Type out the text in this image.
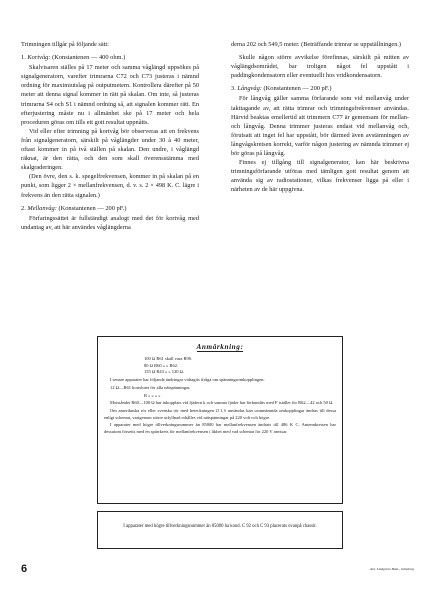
Trimningen tillgår på följande sätt:

1. Kortvåg: (Konstantenen — 400 ohm.)

Skalvisaren ställes på 17 meter och samma våglängd uppsökes på signalgeneratorn, varefter trimrarna C72 och C73 justeras i nämnd ordning för maximiutslag på outputmetern. Kontrollera därefter på 50 meter att denna signal kommer in rätt på skalan. Om inte, så justeras trimrarna S4 och S1 i nämnd ordning så, att signalen kommer rätt. En efterjustering måste nu i allmänhet ske på 17 meter och hela proceduren göras om tills ett gott resultat uppnåtts.

Vid eller efter trimning på kortvåg bör observeras att en frekvens från signalgeneratorn, särskilt på våglängder under 30 à 40 meter, oftast kommer in på två ställen på skalan. Den undre, i våglängd räknat, är den rätta, och den som skall överensstämma med skalgraderingen.

(Den övre, den s. k. spegelfrekvensen, kommer in på skalan på en punkt, som ligger 2 × mellanfrekvensen, d. v. s. 2 × 498 K. C. lägre i frekvens än den rätta signalen.)

2. Mellanvåg: (Konstantenen — 200 pF.)

Förfaringssättet är fullständigt analogt med det för kortvåg med undantag av, att här användes våglängderna

derna 202 och 549,5 meter. (Beträffande trimrar se uppställningen.)

Skulle någon större avvikelse förefinnas, särskilt på mitten av våglängdsområdet, bar troligen något fel uppstått i paddingkondensatorn eller eventuellt hos vridkondensatorn.

3. Långvåg: (Konstantenen — 200 pF.)

För långvåg gäller samma förfarande som vid mellanvåg under iakttagande av, att rätta trimrar och trimningsfrekvenser användas. Härvid beaktas emellertid att trimmern C77 är gemensam för mellan- och långvåg. Denna trimmer justeras endast vid mellanvåg och, förutsatt att inget fel har uppstått, bör därmed även avstämningen av långvågskretsen korrekt, varför någon justering av nämnda trimmer ej bör göras på långvåg.

Finnes ej tillgång till signalgenerator, kan här beskrivna trimningsförfarande utföras med tämligen gott resultat genom att använda sig av radiostationer, vilkas frekvenser ligga på eller i närheten av de här uppgivna.

Anmärkning:
100 Ω R61 skall vara R90.
80 Ω R60 » » R62.
155 Ω R43 » » 120 Ω.
I senare apparater har följande ändringar vidtagits ifråga om spänningsomkopplingen:
12 Ω—R61 kortslutet för alla nätspänningar.
R » » » »
Motståndet R60—100 Ω har inkopplats vid fjädern k och samma fjäder har förbundits med F istället för R62—42 och 50 Ω.
Om ameriknska rör eller svenska rör med beteckningen 25 L 6 användas kan ovannämnda omkopplingar ändras till dessa enligt schemat, varigenom större utfyllnad erhålles vid nätspänningar på 220 volt och högre.
I apparater med högre tillverkningsnummer än 85000 har mellanfrekvensen ändrats till 486 K C. Antennkretsen har dessutom försetts med en spärrkrets för mellanfrekvensen i likhet med vad schemat för 220 V anvisar.

I apparater med högre tillverkningsnummer än 85000 ha kond. C 92 och C 93 placerats ovanpå chassit.

6	Ant. Lindgrens Bokt., Göteborg
